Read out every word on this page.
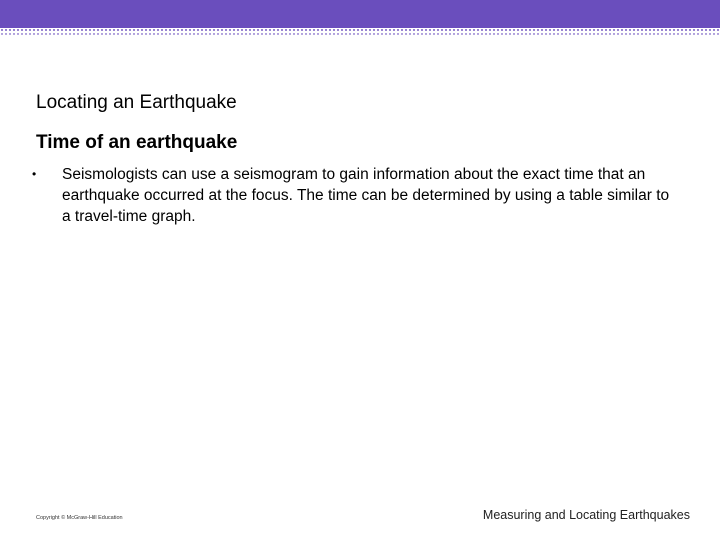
Locating an Earthquake
Time of an earthquake
• Seismologists can use a seismogram to gain information about the exact time that an earthquake occurred at the focus. The time can be determined by using a table similar to a travel-time graph.
Copyright © McGraw-Hill Education	Measuring and Locating Earthquakes
